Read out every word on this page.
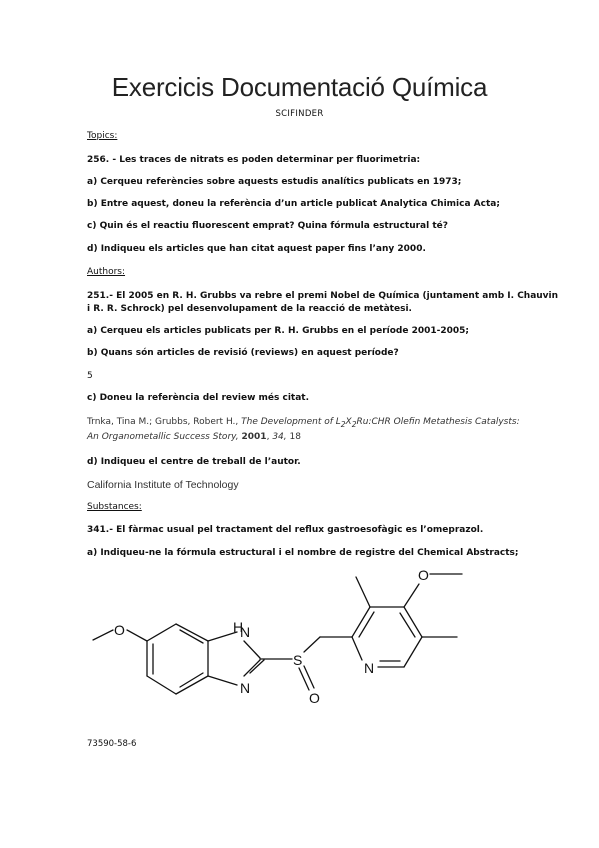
Exercicis Documentació Química
SCIFINDER
Topics:
256. - Les traces de nitrats es poden determinar per fluorimetria:
a) Cerqueu referències sobre aquests estudis analítics publicats en 1973;
b) Entre aquest, doneu la referència d’un article publicat Analytica Chimica Acta;
c) Quin és el reactiu fluorescent emprat? Quina fórmula estructural té?
d) Indiqueu els articles que han citat aquest paper fins l’any 2000.
Authors:
251.- El 2005 en R. H. Grubbs va rebre el premi Nobel de Química (juntament amb I. Chauvin
i R. R. Schrock) pel desenvolupament de la reacció de metàtesi.
a) Cerqueu els articles publicats per R. H. Grubbs en el període 2001-2005;
b) Quans són articles de revisió (reviews) en aquest període?
5
c) Doneu la referència del review més citat.
Trnka, Tina M.; Grubbs, Robert H., The Development of $L_2X_2Ru:CHR$ Olefin Metathesis Catalysts:
An Organometallic Success Story, 2001, 34, 18
d) Indiqueu el centre de treball de l’autor.
California Institute of Technology
Substances:
341.- El fàrmac usual pel tractament del reflux gastroesofàgic es l’omeprazol.
a) Indiqueu-ne la fórmula estructural i el nombre de registre del Chemical Abstracts;
O	N
N
S
O
N
O
H
73590-58-6
